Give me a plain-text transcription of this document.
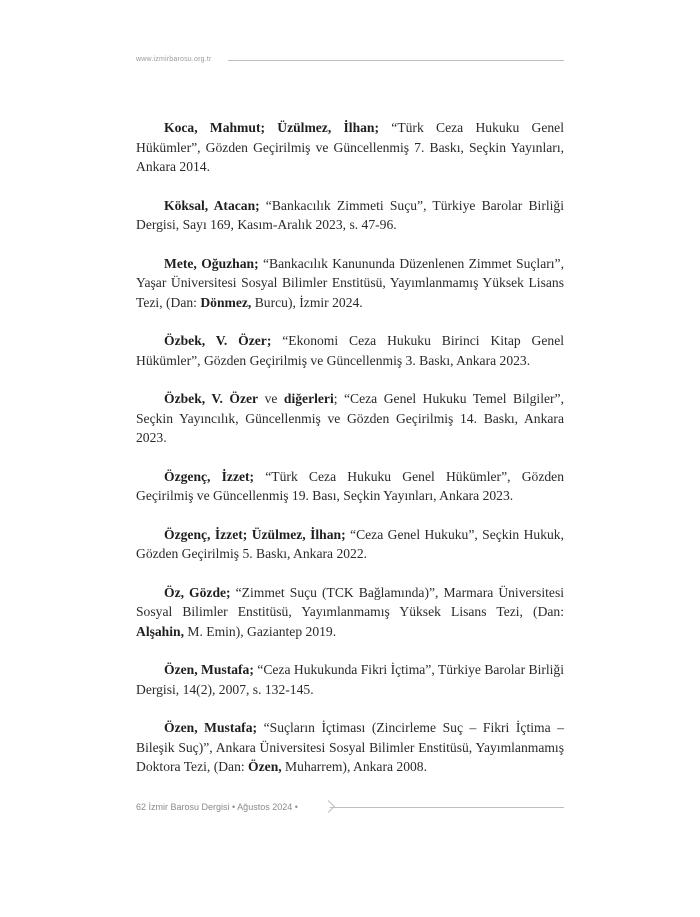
www.izmirbarosu.org.tr

Koca, Mahmut; Üzülmez, İlhan; “Türk Ceza Hukuku Genel Hükümler”, Gözden Geçirilmiş ve Güncellenmiş 7. Baskı, Seçkin Yayınları, Ankara 2014.

Köksal, Atacan; “Bankacılık Zimmeti Suçu”, Türkiye Barolar Birliği Dergisi, Sayı 169, Kasım-Aralık 2023, s. 47-96.

Mete, Oğuzhan; “Bankacılık Kanununda Düzenlenen Zimmet Suçları”, Yaşar Üniversitesi Sosyal Bilimler Enstitüsü, Yayımlanmamış Yüksek Lisans Tezi, (Dan: Dönmez, Burcu), İzmir 2024.

Özbek, V. Özer; “Ekonomi Ceza Hukuku Birinci Kitap Genel Hükümler”, Gözden Geçirilmiş ve Güncellenmiş 3. Baskı, Ankara 2023.

Özbek, V. Özer ve diğerleri; “Ceza Genel Hukuku Temel Bilgiler”, Seçkin Yayıncılık, Güncellenmiş ve Gözden Geçirilmiş 14. Baskı, Ankara 2023.

Özgenç, İzzet; “Türk Ceza Hukuku Genel Hükümler”, Gözden Geçirilmiş ve Güncellenmiş 19. Bası, Seçkin Yayınları, Ankara 2023.

Özgenç, İzzet; Üzülmez, İlhan; “Ceza Genel Hukuku”, Seçkin Hukuk, Gözden Geçirilmiş 5. Baskı, Ankara 2022.

Öz, Gözde; “Zimmet Suçu (TCK Bağlamında)”, Marmara Üniversitesi Sosyal Bilimler Enstitüsü, Yayımlanmamış Yüksek Lisans Tezi, (Dan: Alşahin, M. Emin), Gaziantep 2019.

Özen, Mustafa; “Ceza Hukukunda Fikri İçtima”, Türkiye Barolar Birliği Dergisi, 14(2), 2007, s. 132-145.

Özen, Mustafa; “Suçların İçtiması (Zincirleme Suç – Fikri İçtima – Bileşik Suç)”, Ankara Üniversitesi Sosyal Bilimler Enstitüsü, Yayımlanmamış Doktora Tezi, (Dan: Özen, Muharrem), Ankara 2008.

62 İzmir Barosu Dergisi • Ağustos 2024 •
